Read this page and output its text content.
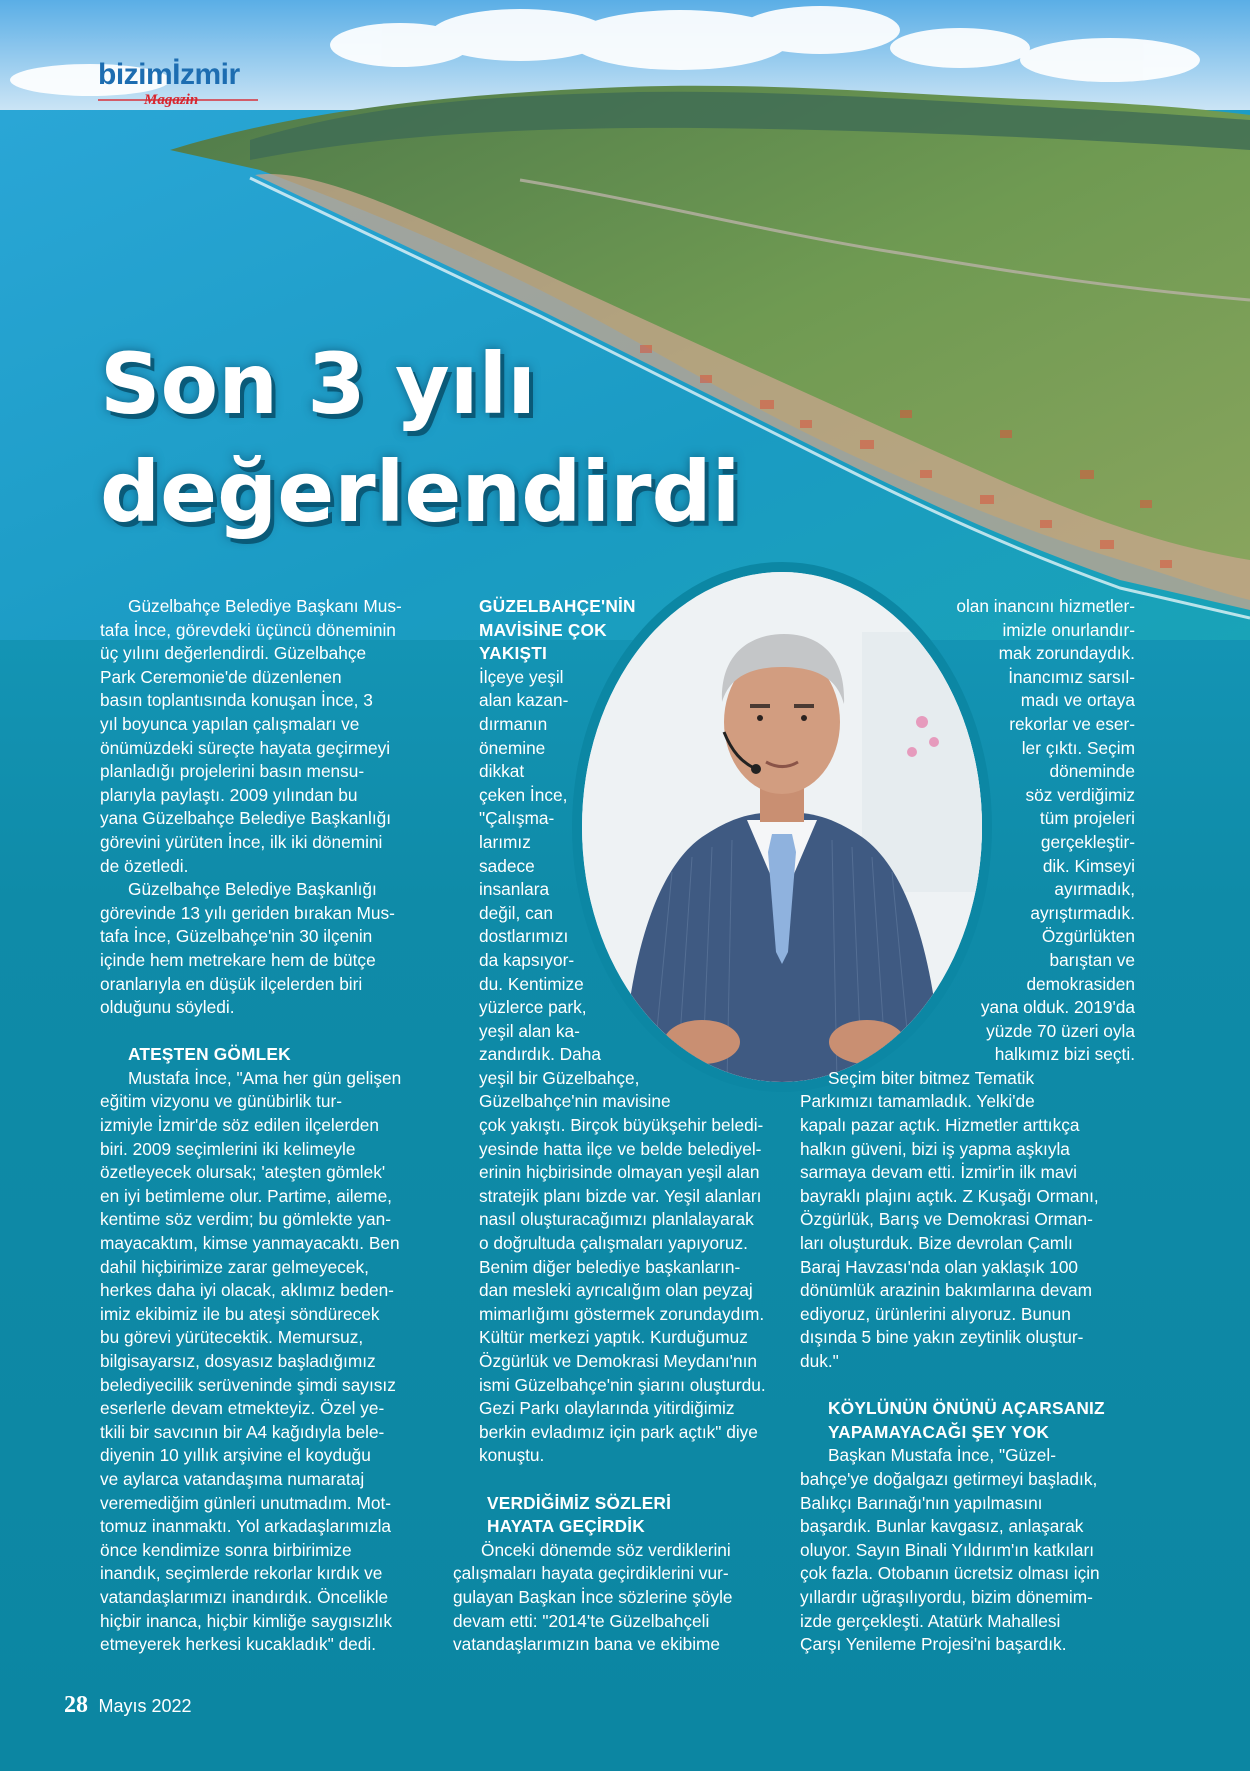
bizimİzmir
Magazin
Son 3 yılı
değerlendirdi

Güzelbahçe Belediye Başkanı Mus-
tafa İnce, görevdeki üçüncü döneminin
üç yılını değerlendirdi. Güzelbahçe
Park Ceremonie'de düzenlenen
basın toplantısında konuşan İnce, 3
yıl boyunca yapılan çalışmaları ve
önümüzdeki süreçte hayata geçirmeyi
planladığı projelerini basın mensu-
plarıyla paylaştı. 2009 yılından bu
yana Güzelbahçe Belediye Başkanlığı
görevini yürüten İnce, ilk iki dönemini
de özetledi.

Güzelbahçe Belediye Başkanlığı
görevinde 13 yılı geriden bırakan Mus-
tafa İnce, Güzelbahçe'nin 30 ilçenin
içinde hem metrekare hem de bütçe
oranlarıyla en düşük ilçelerden biri
olduğunu söyledi.

ATEŞTEN GÖMLEK

Mustafa İnce, "Ama her gün gelişen
eğitim vizyonu ve günübirlik tur-
izmiyle İzmir'de söz edilen ilçelerden
biri. 2009 seçimlerini iki kelimeyle
özetleyecek olursak; 'ateşten gömlek'
en iyi betimleme olur. Partime, aileme,
kentime söz verdim; bu gömlekte yan-
mayacaktım, kimse yanmayacaktı. Ben
dahil hiçbirimize zarar gelmeyecek,
herkes daha iyi olacak, aklımız beden-
imiz ekibimiz ile bu ateşi söndürecek
bu görevi yürütecektik. Memursuz,
bilgisayarsız, dosyasız başladığımız
belediyecilik serüveninde şimdi sayısız
eserlerle devam etmekteyiz. Özel ye-
tkili bir savcının bir A4 kağıdıyla bele-
diyenin 10 yıllık arşivine el koyduğu
ve aylarca vatandaşıma numarataj
veremediğim günleri unutmadım. Mot-
tomuz inanmaktı. Yol arkadaşlarımızla
önce kendimize sonra birbirimize
inandık, seçimlerde rekorlar kırdık ve
vatandaşlarımızı inandırdık. Öncelikle
hiçbir inanca, hiçbir kimliğe saygısızlık
etmeyerek herkesi kucakladık" dedi.

GÜZELBAHÇE'NİN
MAVİSİNE ÇOK
YAKIŞTI

İlçeye yeşil
alan kazan-
dırmanın
önemine
dikkat
çeken İnce,
"Çalışma-
larımız
sadece
insanlara
değil, can
dostlarımızı
da kapsıyor-
du. Kentimize
yüzlerce park,
yeşil alan ka-
zandırdık. Daha
yeşil bir Güzelbahçe,
Güzelbahçe'nin mavisine
çok yakıştı. Birçok büyükşehir beledi-
yesinde hatta ilçe ve belde belediyel-
erinin hiçbirisinde olmayan yeşil alan
stratejik planı bizde var. Yeşil alanları
nasıl oluşturacağımızı planlalayarak
o doğrultuda çalışmaları yapıyoruz.
Benim diğer belediye başkanların-
dan mesleki ayrıcalığım olan peyzaj
mimarlığımı göstermek zorundaydım.
Kültür merkezi yaptık. Kurduğumuz
Özgürlük ve Demokrasi Meydanı'nın
ismi Güzelbahçe'nin şiarını oluşturdu.
Gezi Parkı olaylarında yitirdiğimiz
berkin evladımız için park açtık" diye
konuştu.

VERDİĞİMİZ SÖZLERİ
HAYATA GEÇİRDİK

Önceki dönemde söz verdiklerini
çalışmaları hayata geçirdiklerini vur-
gulayan Başkan İnce sözlerine şöyle
devam etti: "2014'te Güzelbahçeli
vatandaşlarımızın bana ve ekibime

olan inancını hizmetler-
imizle onurlandır-
mak zorundaydık.
İnancımız sarsıl-
madı ve ortaya
rekorlar ve eser-
ler çıktı. Seçim
döneminde
söz verdiğimiz
tüm projeleri
gerçekleştir-
dik. Kimseyi
ayırmadık,
ayrıştırmadık.
Özgürlükten
barıştan ve
demokrasiden
yana olduk. 2019'da
yüzde 70 üzeri oyla
halkımız bizi seçti.

Seçim biter bitmez Tematik
Parkımızı tamamladık. Yelki'de
kapalı pazar açtık. Hizmetler arttıkça
halkın güveni, bizi iş yapma aşkıyla
sarmaya devam etti. İzmir'in ilk mavi
bayraklı plajını açtık. Z Kuşağı Ormanı,
Özgürlük, Barış ve Demokrasi Orman-
ları oluşturduk. Bize devrolan Çamlı
Baraj Havzası'nda olan yaklaşık 100
dönümlük arazinin bakımlarına devam
ediyoruz, ürünlerini alıyoruz. Bunun
dışında 5 bine yakın zeytinlik oluştur-
duk."

KÖYLÜNÜN ÖNÜNÜ AÇARSANIZ
YAPAMAYACAĞI ŞEY YOK

Başkan Mustafa İnce, "Güzel-
bahçe'ye doğalgazı getirmeyi başladık,
Balıkçı Barınağı'nın yapılmasını
başardık. Bunlar kavgasız, anlaşarak
oluyor. Sayın Binali Yıldırım'ın katkıları
çok fazla. Otobanın ücretsiz olması için
yıllardır uğraşılıyordu, bizim dönemim-
izde gerçekleşti. Atatürk Mahallesi
Çarşı Yenileme Projesi'ni başardık.

28 Mayıs 2022
